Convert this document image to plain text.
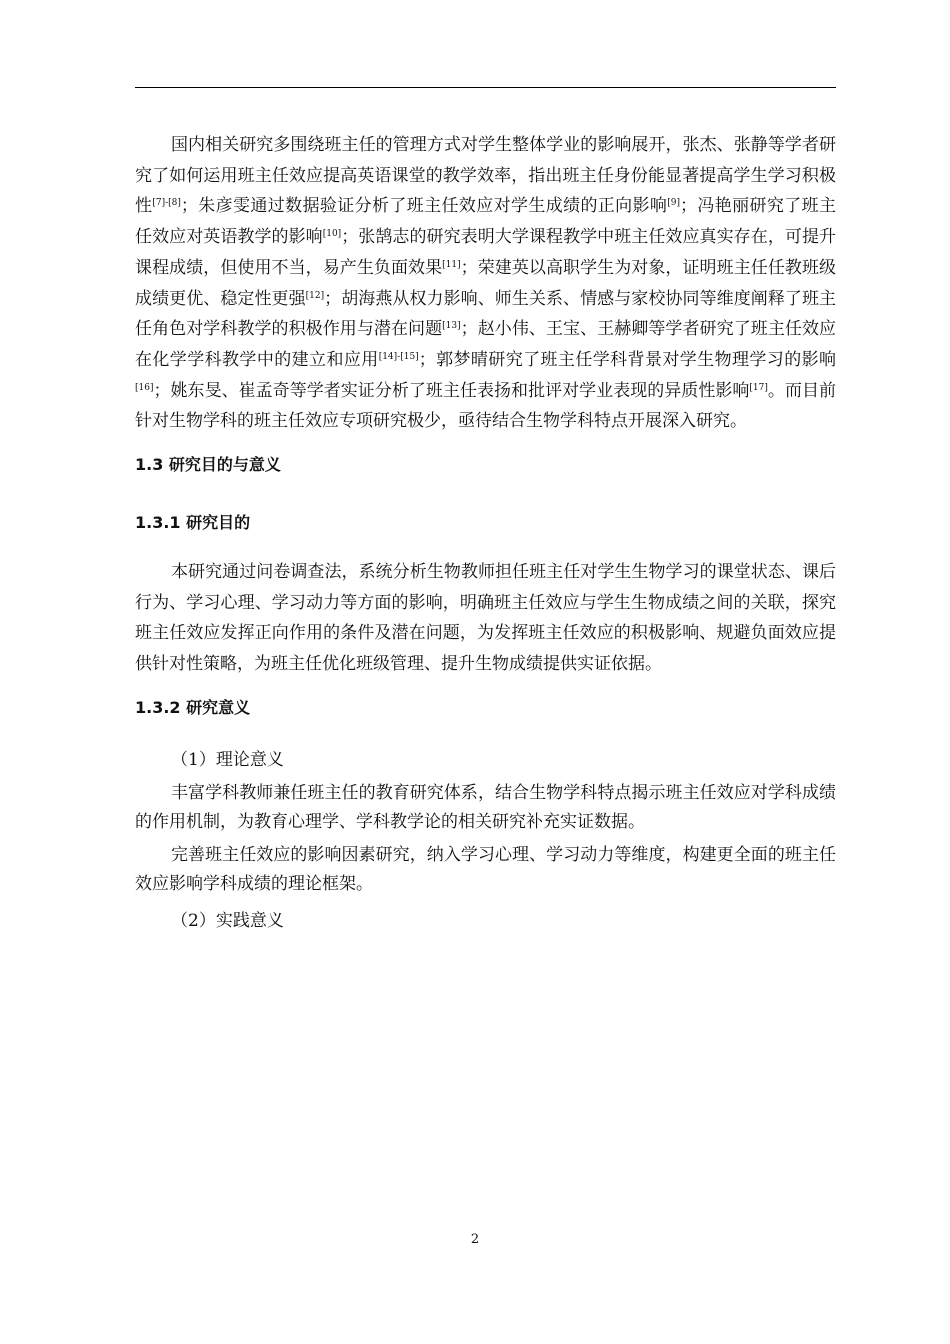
国内相关研究多围绕班主任的管理方式对学生整体学业的影响展开，张杰、张静等学者研究了如何运用班主任效应提高英语课堂的教学效率，指出班主任身份能显著提高学生学习积极性[7]-[8]；朱彦雯通过数据验证分析了班主任效应对学生成绩的正向影响[9]；冯艳丽研究了班主任效应对英语教学的影响[10]；张鹄志的研究表明大学课程教学中班主任效应真实存在，可提升课程成绩，但使用不当，易产生负面效果[11]；荣建英以高职学生为对象，证明班主任任教班级成绩更优、稳定性更强[12]；胡海燕从权力影响、师生关系、情感与家校协同等维度阐释了班主任角色对学科教学的积极作用与潜在问题[13]；赵小伟、王宝、王赫卿等学者研究了班主任效应在化学学科教学中的建立和应用[14]-[15]；郭梦晴研究了班主任学科背景对学生物理学习的影响[16]；姚东旻、崔孟奇等学者实证分析了班主任表扬和批评对学业表现的异质性影响[17]。而目前针对生物学科的班主任效应专项研究极少，亟待结合生物学科特点开展深入研究。

1.3 研究目的与意义
1.3.1 研究目的

本研究通过问卷调查法，系统分析生物教师担任班主任对学生生物学习的课堂状态、课后行为、学习心理、学习动力等方面的影响，明确班主任效应与学生生物成绩之间的关联，探究班主任效应发挥正向作用的条件及潜在问题，为发挥班主任效应的积极影响、规避负面效应提供针对性策略，为班主任优化班级管理、提升生物成绩提供实证依据。

1.3.2 研究意义

（1）理论意义

丰富学科教师兼任班主任的教育研究体系，结合生物学科特点揭示班主任效应对学科成绩的作用机制，为教育心理学、学科教学论的相关研究补充实证数据。

完善班主任效应的影响因素研究，纳入学习心理、学习动力等维度，构建更全面的班主任效应影响学科成绩的理论框架。

（2）实践意义

2
